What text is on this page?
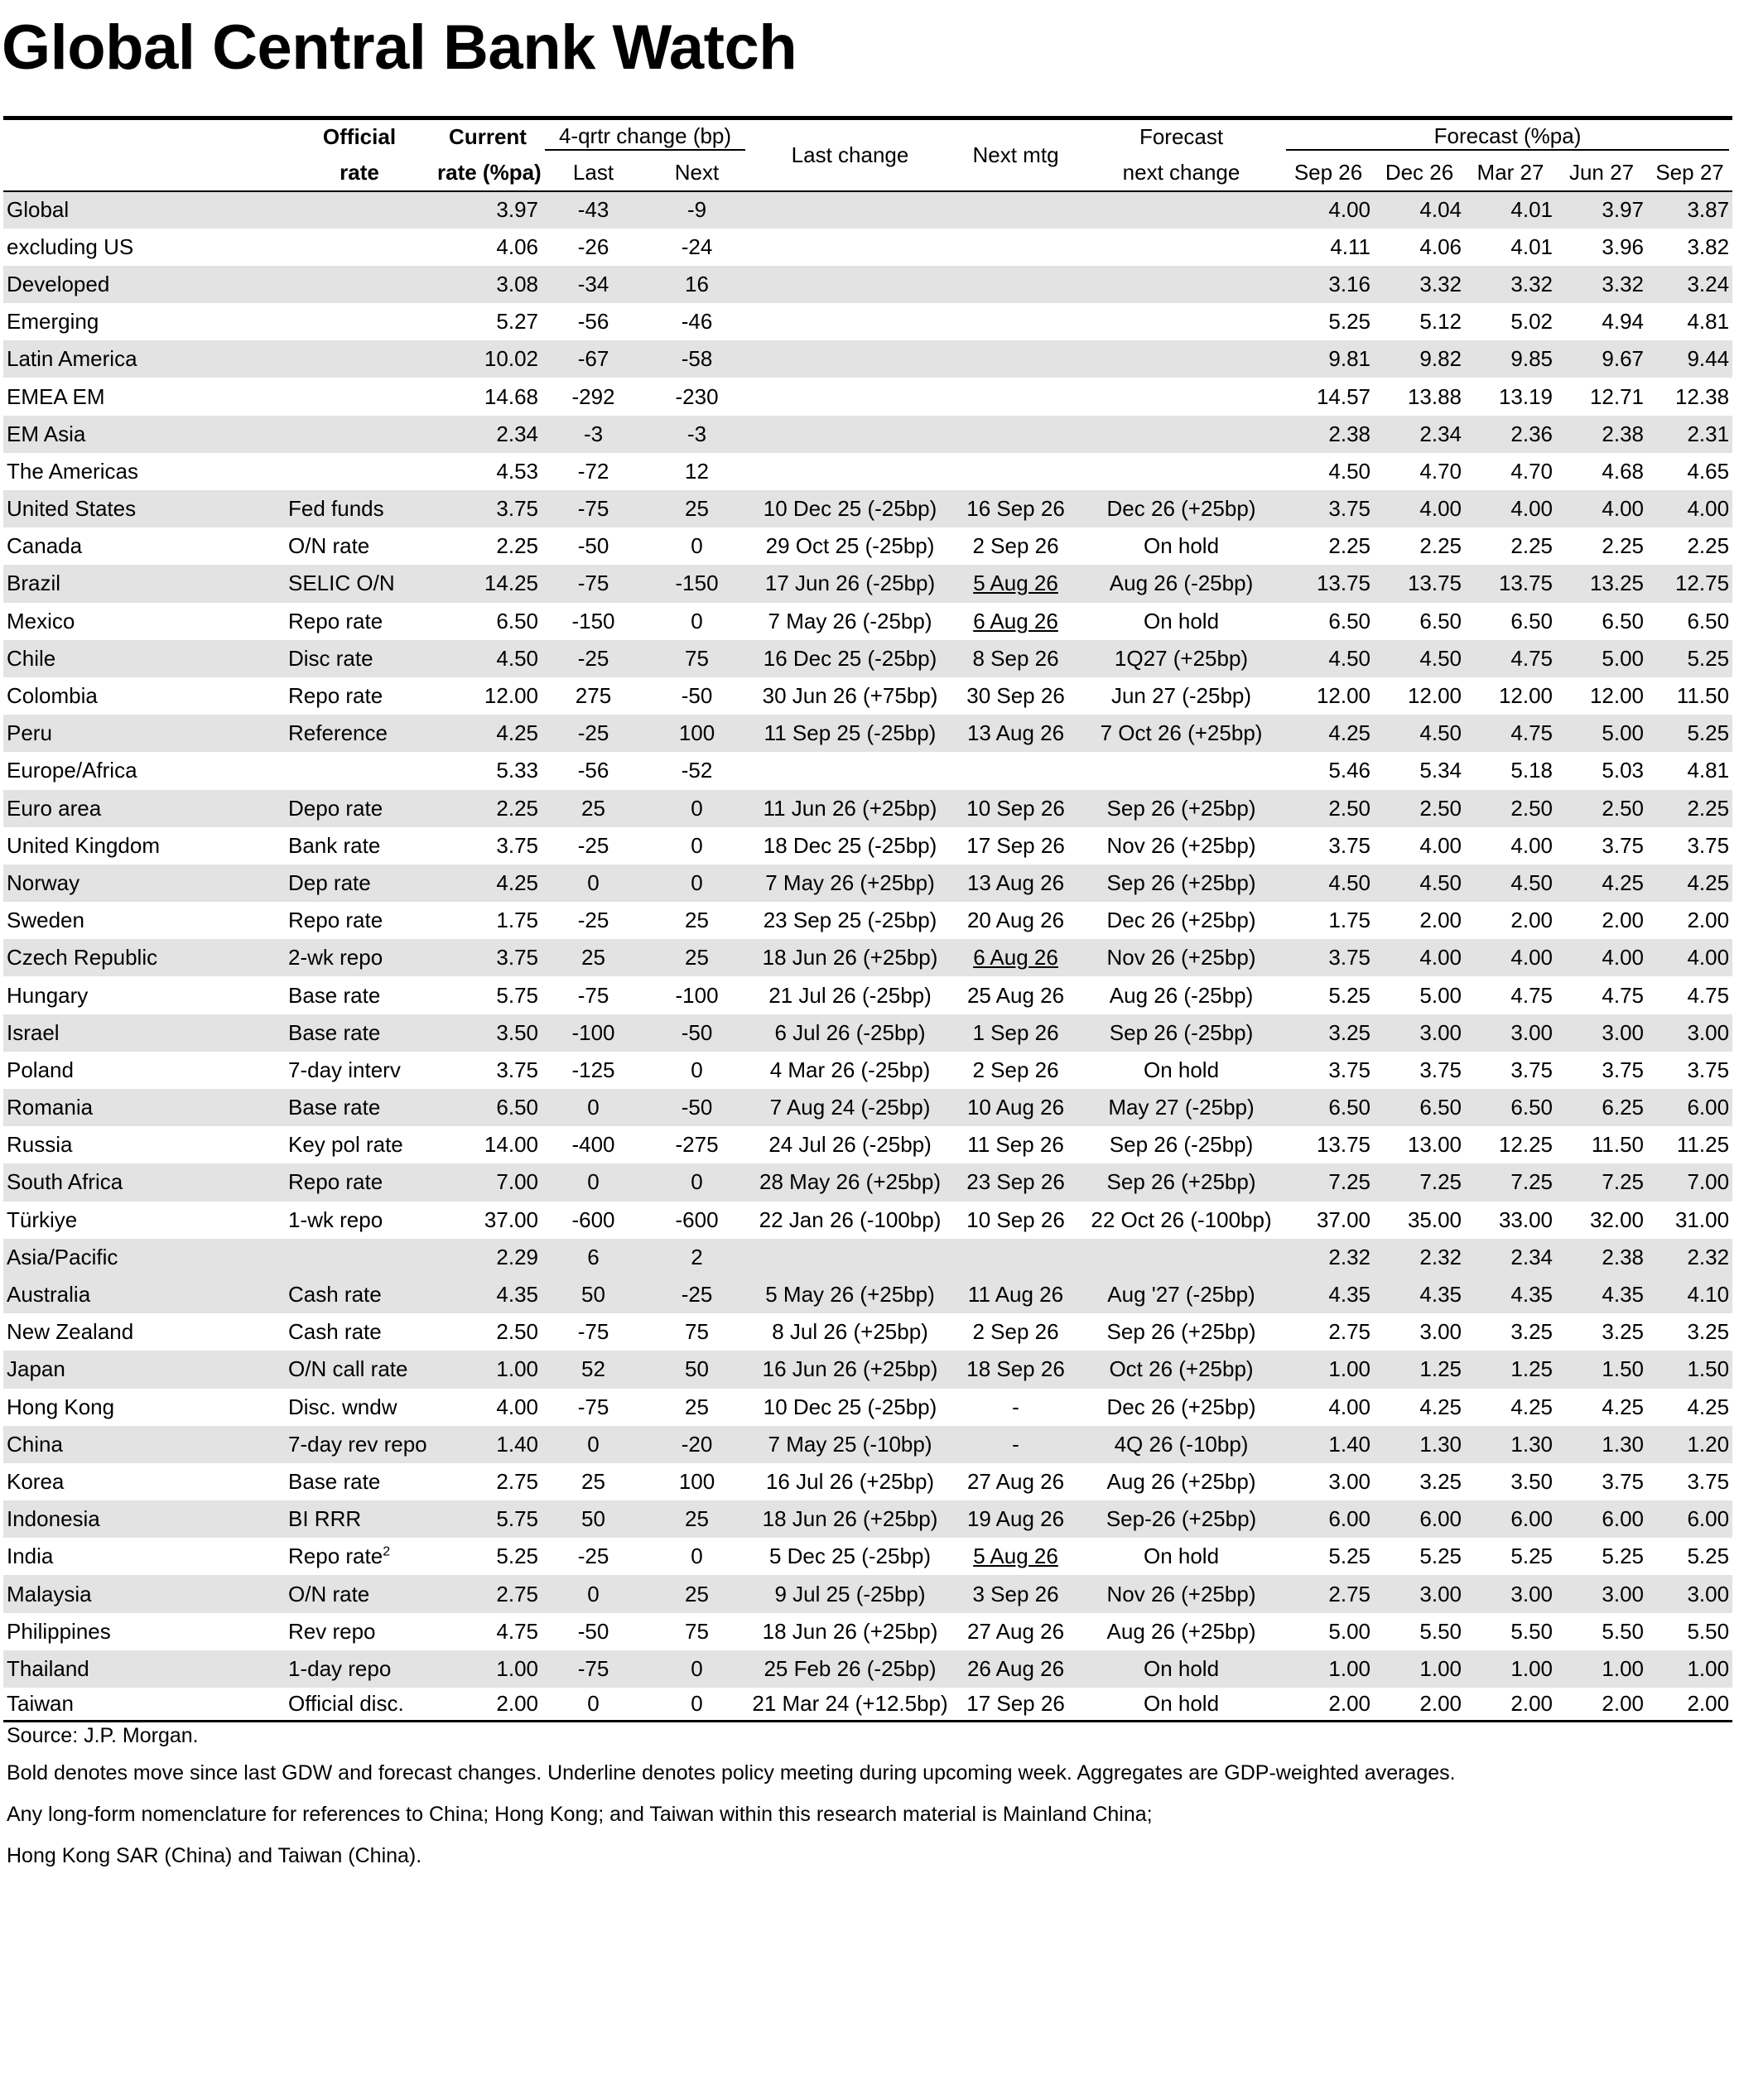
Global Central Bank Watch
	Official	Current	4-qrtr change (bp)		Last change	Next mtg	Forecast	Forecast (%pa)				
	rate	rate (%pa)	Last	Next			next change	Sep 26	Dec 26	Mar 27	Jun 27	Sep 27
Global		3.97	-43	-9				4.00	4.04	4.01	3.97	3.87
excluding US		4.06	-26	-24				4.11	4.06	4.01	3.96	3.82
Developed		3.08	-34	16				3.16	3.32	3.32	3.32	3.24
Emerging		5.27	-56	-46				5.25	5.12	5.02	4.94	4.81
Latin America		10.02	-67	-58				9.81	9.82	9.85	9.67	9.44
EMEA EM		14.68	-292	-230				14.57	13.88	13.19	12.71	12.38
EM Asia		2.34	-3	-3				2.38	2.34	2.36	2.38	2.31
The Americas		4.53	-72	12				4.50	4.70	4.70	4.68	4.65
United States	Fed funds	3.75	-75	25	10 Dec 25 (-25bp)	16 Sep 26	Dec 26 (+25bp)	3.75	4.00	4.00	4.00	4.00
Canada	O/N rate	2.25	-50	0	29 Oct 25 (-25bp)	2 Sep 26	On hold	2.25	2.25	2.25	2.25	2.25
Brazil	SELIC O/N	14.25	-75	-150	17 Jun 26 (-25bp)	5 Aug 26	Aug 26 (-25bp)	13.75	13.75	13.75	13.25	12.75
Mexico	Repo rate	6.50	-150	0	7 May 26 (-25bp)	6 Aug 26	On hold	6.50	6.50	6.50	6.50	6.50
Chile	Disc rate	4.50	-25	75	16 Dec 25 (-25bp)	8 Sep 26	1Q27 (+25bp)	4.50	4.50	4.75	5.00	5.25
Colombia	Repo rate	12.00	275	-50	30 Jun 26 (+75bp)	30 Sep 26	Jun 27 (-25bp)	12.00	12.00	12.00	12.00	11.50
Peru	Reference	4.25	-25	100	11 Sep 25 (-25bp)	13 Aug 26	7 Oct 26 (+25bp)	4.25	4.50	4.75	5.00	5.25
Europe/Africa		5.33	-56	-52				5.46	5.34	5.18	5.03	4.81
Euro area	Depo rate	2.25	25	0	11 Jun 26 (+25bp)	10 Sep 26	Sep 26 (+25bp)	2.50	2.50	2.50	2.50	2.25
United Kingdom	Bank rate	3.75	-25	0	18 Dec 25 (-25bp)	17 Sep 26	Nov 26 (+25bp)	3.75	4.00	4.00	3.75	3.75
Norway	Dep rate	4.25	0	0	7 May 26 (+25bp)	13 Aug 26	Sep 26 (+25bp)	4.50	4.50	4.50	4.25	4.25
Sweden	Repo rate	1.75	-25	25	23 Sep 25 (-25bp)	20 Aug 26	Dec 26 (+25bp)	1.75	2.00	2.00	2.00	2.00
Czech Republic	2-wk repo	3.75	25	25	18 Jun 26 (+25bp)	6 Aug 26	Nov 26 (+25bp)	3.75	4.00	4.00	4.00	4.00
Hungary	Base rate	5.75	-75	-100	21 Jul 26 (-25bp)	25 Aug 26	Aug 26 (-25bp)	5.25	5.00	4.75	4.75	4.75
Israel	Base rate	3.50	-100	-50	6 Jul 26 (-25bp)	1 Sep 26	Sep 26 (-25bp)	3.25	3.00	3.00	3.00	3.00
Poland	7-day interv	3.75	-125	0	4 Mar 26 (-25bp)	2 Sep 26	On hold	3.75	3.75	3.75	3.75	3.75
Romania	Base rate	6.50	0	-50	7 Aug 24 (-25bp)	10 Aug 26	May 27 (-25bp)	6.50	6.50	6.50	6.25	6.00
Russia	Key pol rate	14.00	-400	-275	24 Jul 26 (-25bp)	11 Sep 26	Sep 26 (-25bp)	13.75	13.00	12.25	11.50	11.25
South Africa	Repo rate	7.00	0	0	28 May 26 (+25bp)	23 Sep 26	Sep 26 (+25bp)	7.25	7.25	7.25	7.25	7.00
Türkiye	1-wk repo	37.00	-600	-600	22 Jan 26 (-100bp)	10 Sep 26	22 Oct 26 (-100bp)	37.00	35.00	33.00	32.00	31.00
Asia/Pacific		2.29	6	2				2.32	2.32	2.34	2.38	2.32
Australia	Cash rate	4.35	50	-25	5 May 26 (+25bp)	11 Aug 26	Aug '27 (-25bp)	4.35	4.35	4.35	4.35	4.10
New Zealand	Cash rate	2.50	-75	75	8 Jul 26 (+25bp)	2 Sep 26	Sep 26 (+25bp)	2.75	3.00	3.25	3.25	3.25
Japan	O/N call rate	1.00	52	50	16 Jun 26 (+25bp)	18 Sep 26	Oct 26 (+25bp)	1.00	1.25	1.25	1.50	1.50
Hong Kong	Disc. wndw	4.00	-75	25	10 Dec 25 (-25bp)	-	Dec 26 (+25bp)	4.00	4.25	4.25	4.25	4.25
China	7-day rev repo	1.40	0	-20	7 May 25 (-10bp)	-	4Q 26 (-10bp)	1.40	1.30	1.30	1.30	1.20
Korea	Base rate	2.75	25	100	16 Jul 26 (+25bp)	27 Aug 26	Aug 26 (+25bp)	3.00	3.25	3.50	3.75	3.75
Indonesia	BI RRR	5.75	50	25	18 Jun 26 (+25bp)	19 Aug 26	Sep-26 (+25bp)	6.00	6.00	6.00	6.00	6.00
India	Repo rate$^2$	5.25	-25	0	5 Dec 25 (-25bp)	5 Aug 26	On hold	5.25	5.25	5.25	5.25	5.25
Malaysia	O/N rate	2.75	0	25	9 Jul 25 (-25bp)	3 Sep 26	Nov 26 (+25bp)	2.75	3.00	3.00	3.00	3.00
Philippines	Rev repo	4.75	-50	75	18 Jun 26 (+25bp)	27 Aug 26	Aug 26 (+25bp)	5.00	5.50	5.50	5.50	5.50
Thailand	1-day repo	1.00	-75	0	25 Feb 26 (-25bp)	26 Aug 26	On hold	1.00	1.00	1.00	1.00	1.00
Taiwan	Official disc.	2.00	0	0	21 Mar 24 (+12.5bp)	17 Sep 26	On hold	2.00	2.00	2.00	2.00	2.00
Source: J.P. Morgan.
Bold denotes move since last GDW and forecast changes. Underline denotes policy meeting during upcoming week. Aggregates are GDP-weighted averages.
Any long-form nomenclature for references to China; Hong Kong; and Taiwan within this research material is Mainland China;
Hong Kong SAR (China) and Taiwan (China).
